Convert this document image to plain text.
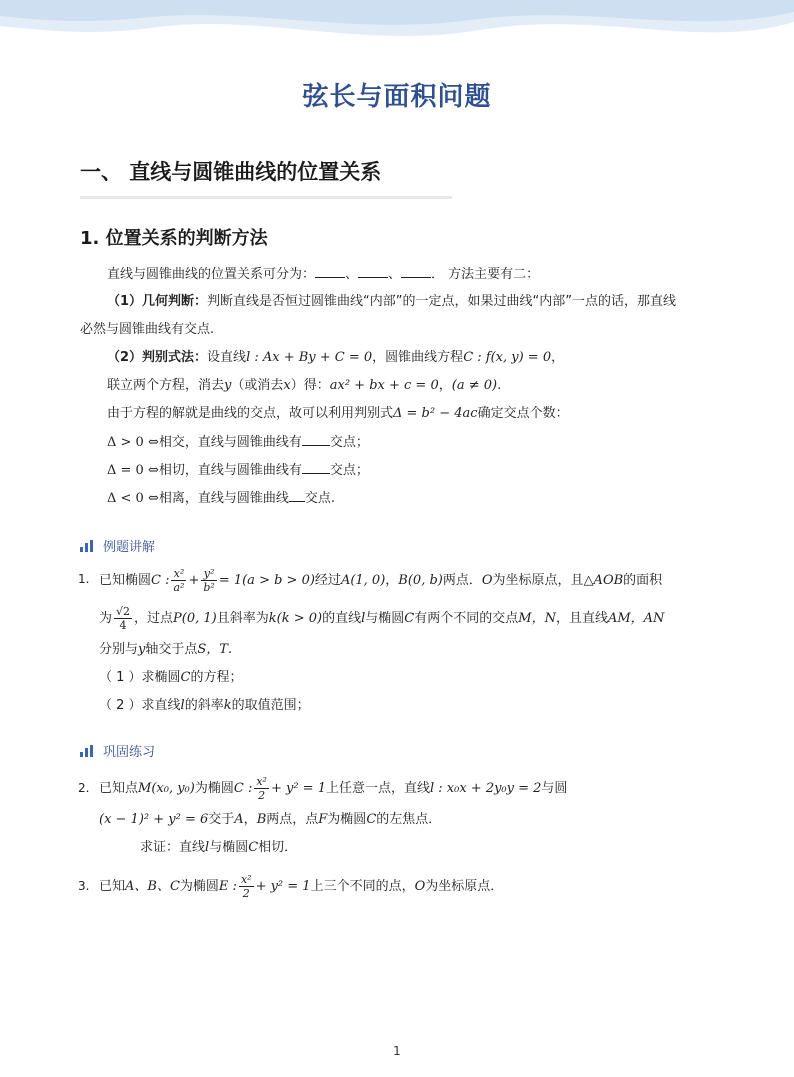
弦长与面积问题
一、 直线与圆锥曲线的位置关系
1. 位置关系的判断方法
直线与圆锥曲线的位置关系可分为： 、 、 ． 方法主要有二：
（1）几何判断：判断直线是否恒过圆锥曲线“内部”的一定点，如果过曲线“内部”一点的话，那直线
必然与圆锥曲线有交点.
（2）判别式法：设直线l : Ax + By + C = 0，圆锥曲线方程C : f(x, y) = 0，
联立两个方程，消去y（或消去x）得：ax² + bx + c = 0，(a ≠ 0).
由于方程的解就是曲线的交点，故可以利用判别式Δ = b² − 4ac确定交点个数：
Δ > 0 ⇔相交，直线与圆锥曲线有 交点；
Δ = 0 ⇔相切，直线与圆锥曲线有 交点；
Δ < 0 ⇔相离，直线与圆锥曲线 交点.
例题讲解
1. 已知椭圆C : $\frac{\text{x²}}{\text{a²}} + \frac{\text{y²}}{\text{b²}} = 1(a > b > 0)$经过A(1, 0)，B(0, b)两点．O为坐标原点，且△AOB的面积
为 $\frac{√2}{4}$ ，过点P(0, 1)且斜率为k(k > 0)的直线l与椭圆C有两个不同的交点M，N，且直线AM，AN
分别与y轴交于点S，T.
（ 1 ）求椭圆C的方程；
（ 2 ）求直线l的斜率k的取值范围；
巩固练习
2. 已知点M(x₀, y₀)为椭圆C : $\frac{\text{x²}}{2} + y^2 = 1$上任意一点，直线l : x₀x + 2y₀y = 2与圆
(x − 1)² + y² = 6交于A，B两点，点F为椭圆C的左焦点．
求证：直线l与椭圆C相切．
3. 已知A、B、C为椭圆E : $\frac{\text{x²}}{2} + y^2 = 1$上三个不同的点，O为坐标原点．
1
